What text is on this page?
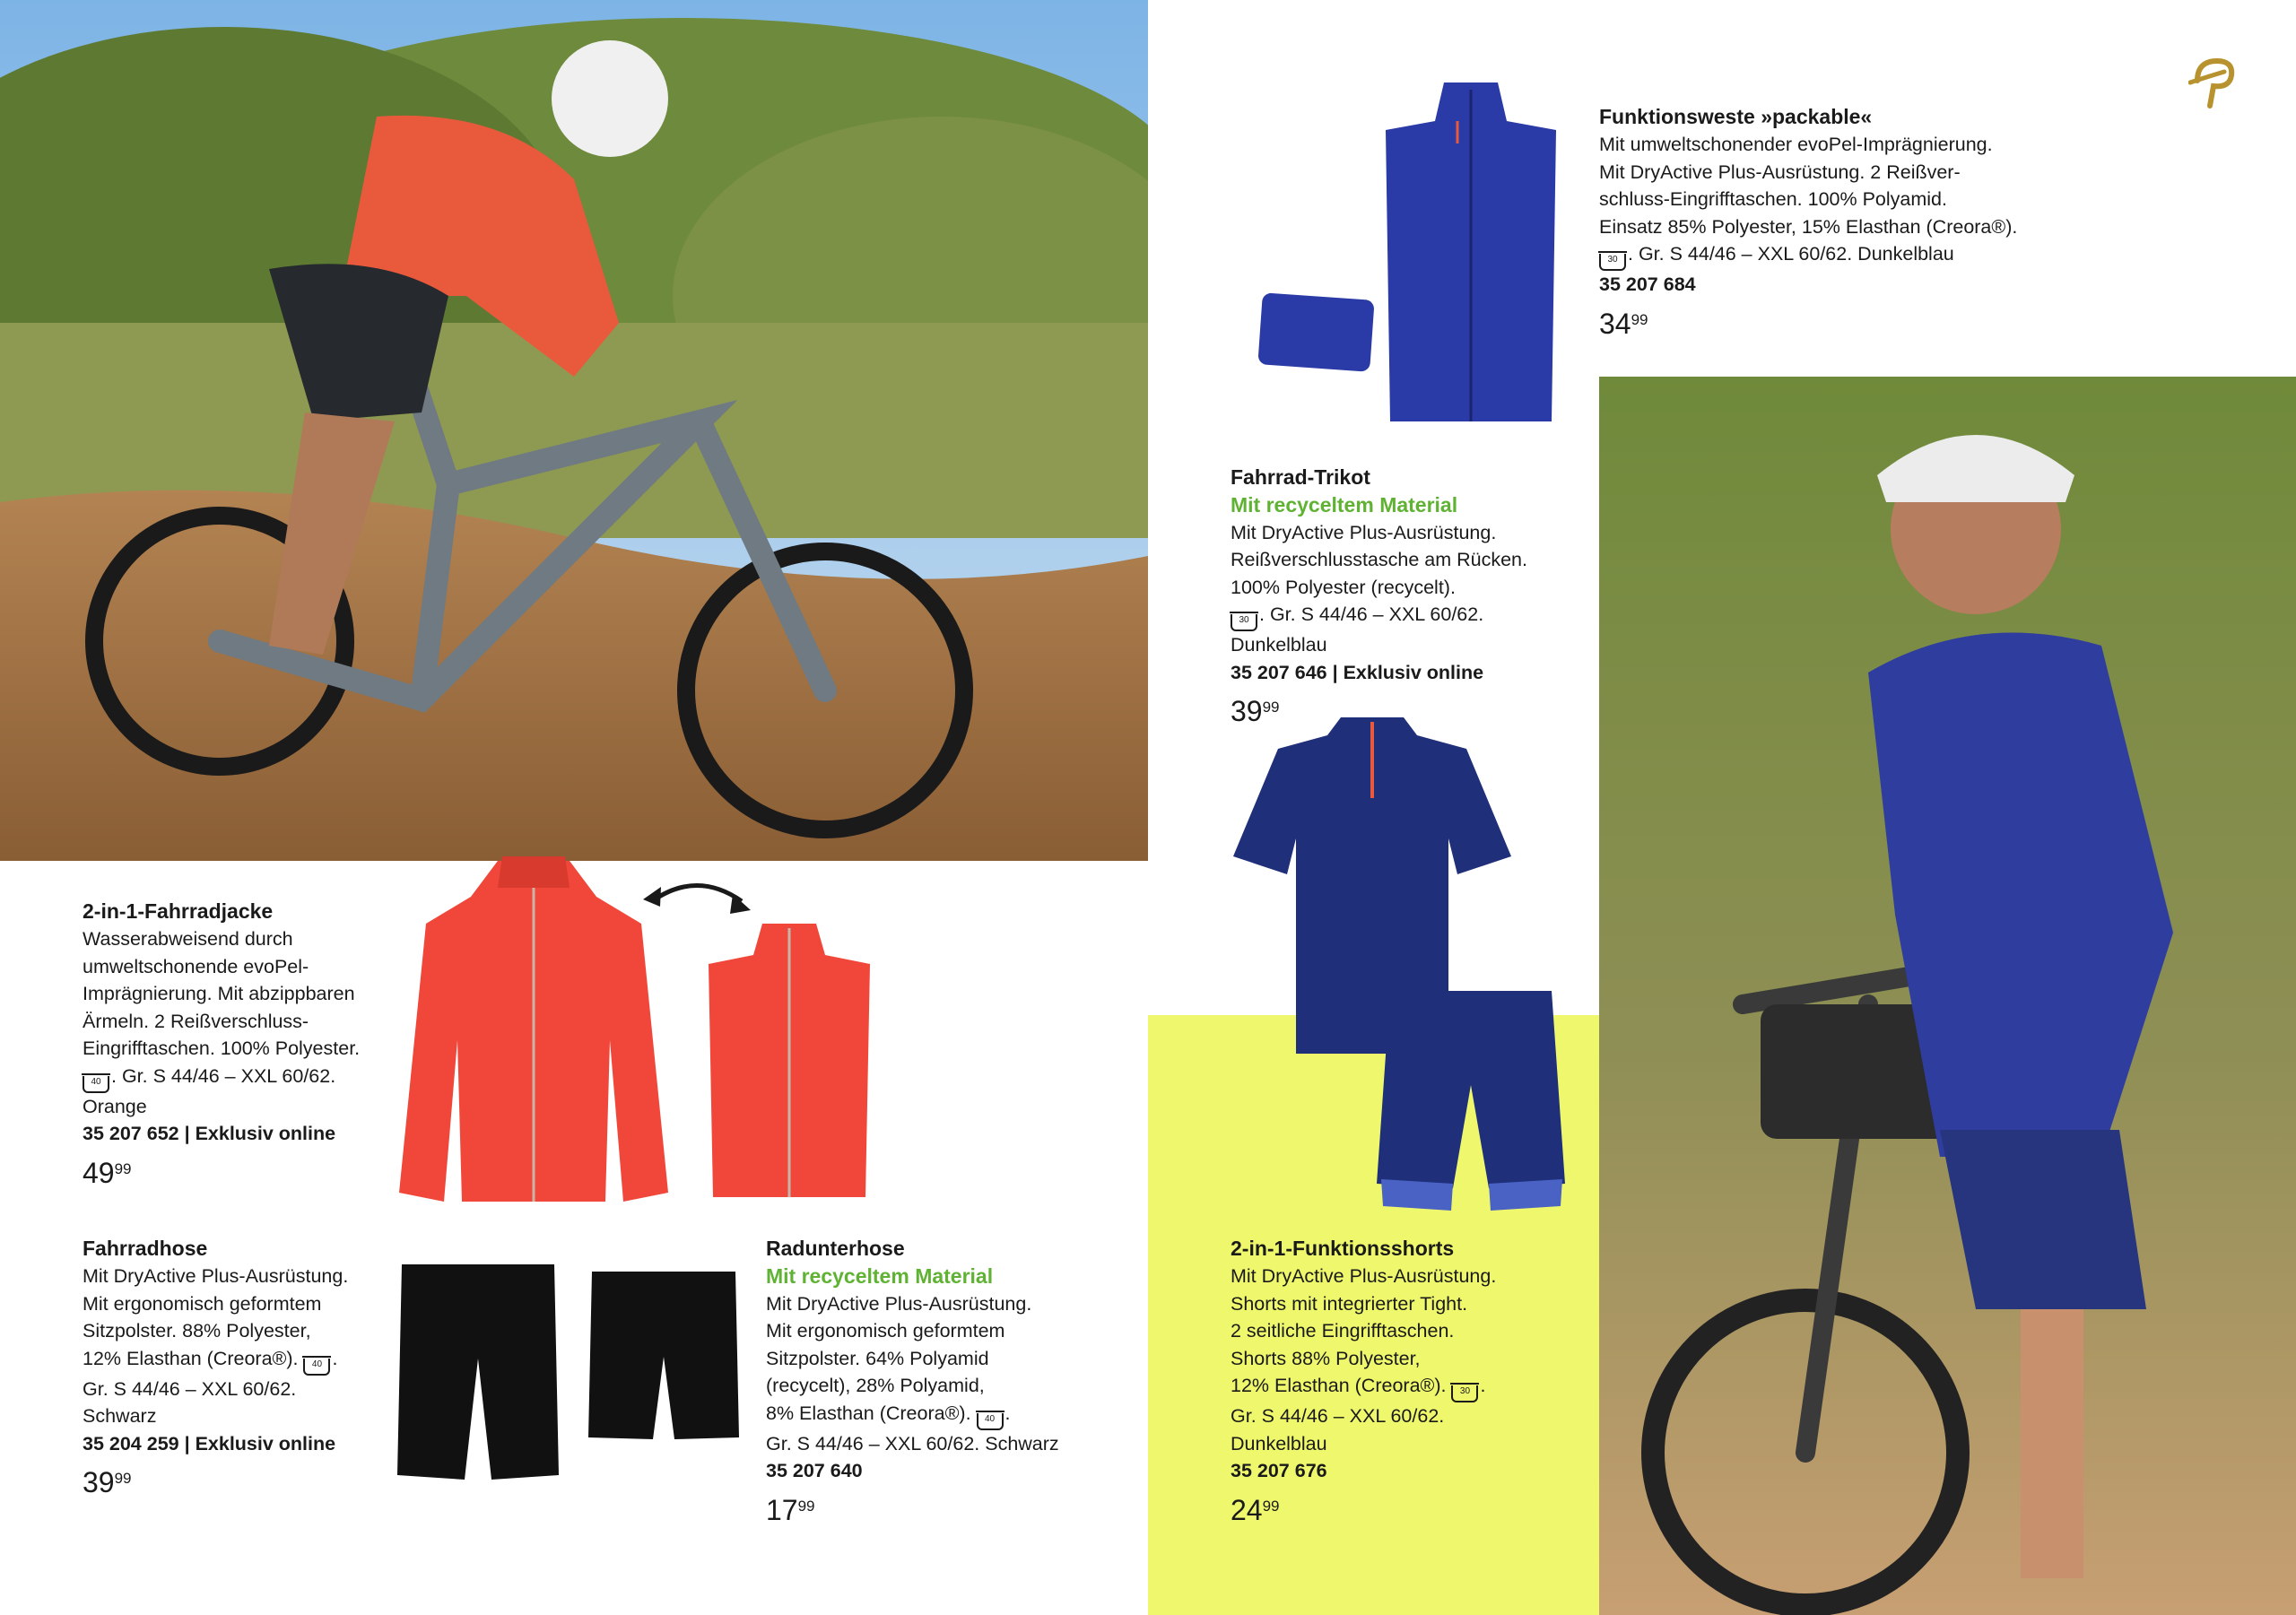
2-in-1-Fahrradjacke
Wasserabweisend durch
umweltschonende evoPel-
Imprägnierung. Mit abzippbaren
Ärmeln. 2 Reißverschluss-
Eingrifftaschen. 100% Polyester.
40 . Gr. S 44/46 – XXL 60/62.
Orange
35 207 652 | Exklusiv online
$49^{99}$
Fahrradhose
Mit DryActive Plus-Ausrüstung.
Mit ergonomisch geformtem
Sitzpolster. 88% Polyester,
12% Elasthan (Creora®). 40 .
Gr. S 44/46 – XXL 60/62.
Schwarz
35 204 259 | Exklusiv online
$39^{99}$
Radunterhose
Mit recyceltem Material
Mit DryActive Plus-Ausrüstung.
Mit ergonomisch geformtem
Sitzpolster. 64% Polyamid
(recycelt), 28% Polyamid,
8% Elasthan (Creora®). 40 .
Gr. S 44/46 – XXL 60/62. Schwarz
35 207 640
$17^{99}$
Funktionsweste »packable«
Mit umweltschonender evoPel-Imprägnierung.
Mit DryActive Plus-Ausrüstung. 2 Reißver-
schluss-Eingrifftaschen. 100% Polyamid.
Einsatz 85% Polyester, 15% Elasthan (Creora®).
30 . Gr. S 44/46 – XXL 60/62. Dunkelblau
35 207 684
$34^{99}$
Fahrrad-Trikot
Mit recyceltem Material
Mit DryActive Plus-Ausrüstung.
Reißverschlusstasche am Rücken.
100% Polyester (recycelt).
30 . Gr. S 44/46 – XXL 60/62.
Dunkelblau
35 207 646 | Exklusiv online
$39^{99}$
2-in-1-Funktionsshorts
Mit DryActive Plus-Ausrüstung.
Shorts mit integrierter Tight.
2 seitliche Eingrifftaschen.
Shorts 88% Polyester,
12% Elasthan (Creora®). 30 .
Gr. S 44/46 – XXL 60/62.
Dunkelblau
35 207 676
$24^{99}$
